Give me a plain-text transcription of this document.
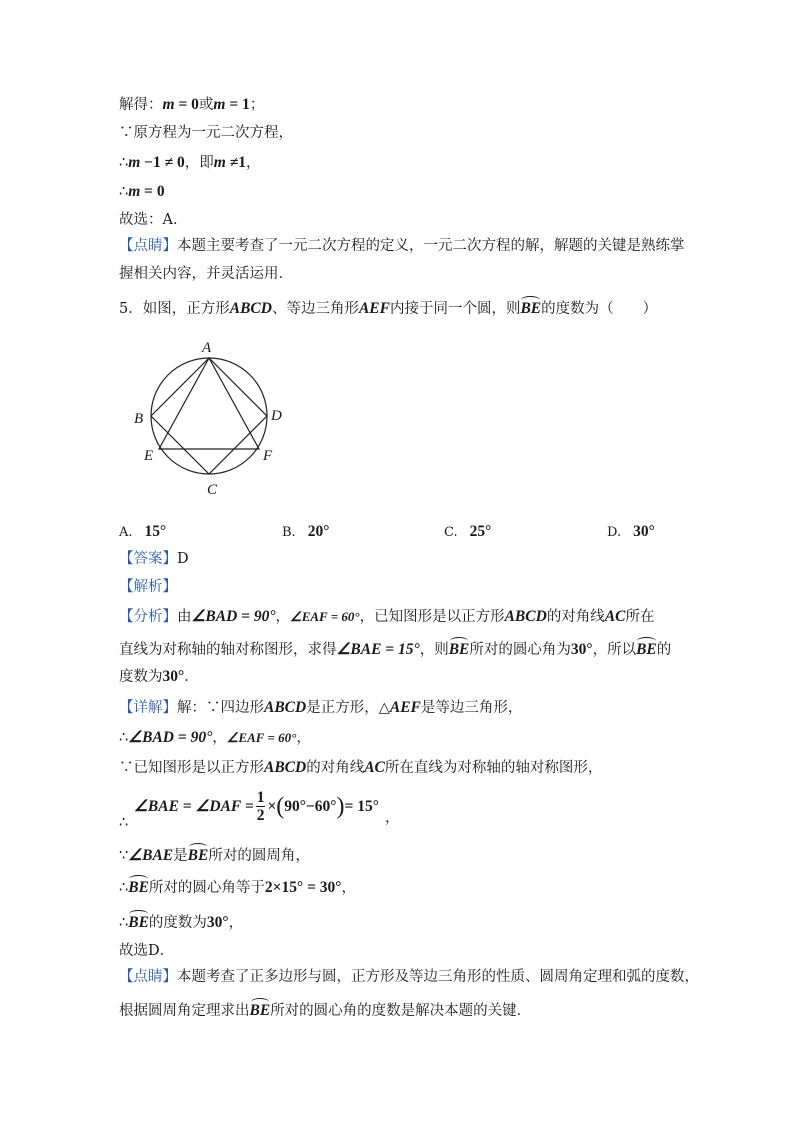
解得：m = 0或m = 1；
∵原方程为一元二次方程，
∴m −1 ≠ 0，即m ≠1，
∴m = 0
故选：A．
【点睛】本题主要考查了一元二次方程的定义，一元二次方程的解，解题的关键是熟练掌
握相关内容，并灵活运用．
5．如图，正方形ABCD、等边三角形AEF内接于同一个圆，则BE的度数为（　　）
A
B	D
E	F
C
A. 15°	B. 20°	C. 25°	D. 30°
【答案】D
【解析】
【分析】由∠BAD = 90°，∠EAF = 60°，已知图形是以正方形ABCD的对角线AC所在
直线为对称轴的轴对称图形，求得∠BAE = 15°，则BE所对的圆心角为30°，所以BE的
度数为30°．
【详解】解：∵四边形ABCD是正方形，△AEF是等边三角形，
∴∠BAD = 90°，∠EAF = 60°，
∵已知图形是以正方形ABCD的对角线AC所在直线为对称轴的轴对称图形，
∴
∠BAE = ∠DAF = $\frac{1}{2} \times(90^\circ-60^\circ)= 15^\circ$
，
∵∠BAE是BE所对的圆周角，
∴BE所对的圆心角等于2×15° = 30°，
∴BE的度数为30°，
故选D．
【点睛】本题考查了正多边形与圆，正方形及等边三角形的性质、圆周角定理和弧的度数，
根据圆周角定理求出BE所对的圆心角的度数是解决本题的关键．
